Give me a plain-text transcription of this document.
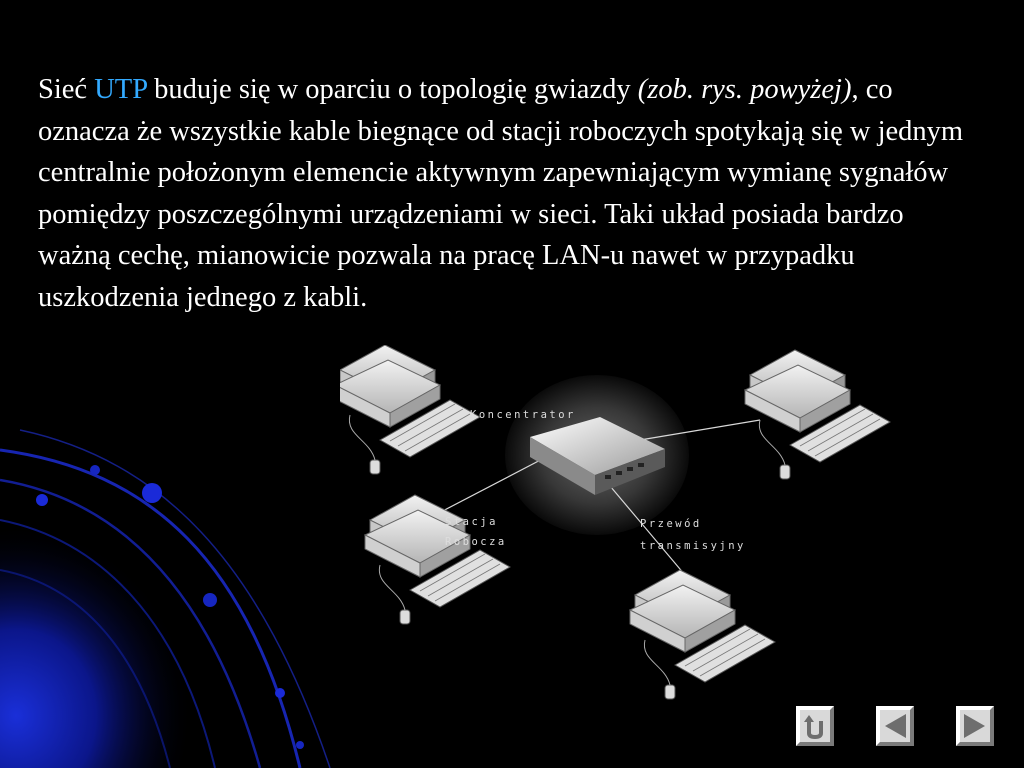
Sieć UTP buduje się w oparciu o topologię gwiazdy (zob. rys. powyżej), co oznacza że wszystkie kable biegnące od stacji roboczych spotykają się w jednym centralnie położonym elemencie aktywnym zapewniającym wymianę sygnałów pomiędzy poszczególnymi urządzeniami w sieci. Taki układ posiada bardzo ważną cechę, mianowicie pozwala na pracę LAN-u nawet w przypadku uszkodzenia jednego z kabli.
Koncentrator
Stacja
Robocza
Przewód
transmisyjny
